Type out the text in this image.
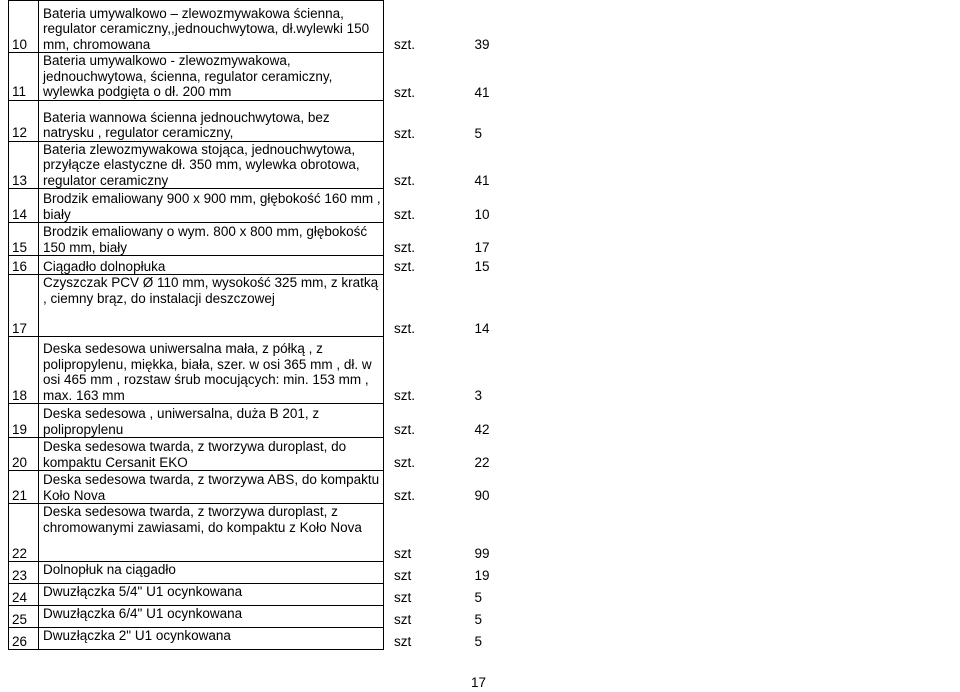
10	Bateria umywalkowo – zlewozmywakowa ścienna, regulator ceramiczny,,jednouchwytowa, dł.wylewki 150 mm, chromowana	szt.	39
11	Bateria umywalkowo - zlewozmywakowa, jednouchwytowa, ścienna, regulator ceramiczny, wylewka podgięta o dł. 200 mm	szt.	41
12	Bateria wannowa ścienna jednouchwytowa, bez natrysku , regulator ceramiczny,	szt.	5
13	Bateria zlewozmywakowa stojąca, jednouchwytowa, przyłącze elastyczne dł. 350 mm, wylewka obrotowa, regulator ceramiczny	szt.	41
14	Brodzik emaliowany 900 x 900 mm, głębokość 160 mm , biały	szt.	10
15	Brodzik emaliowany o wym. 800 x 800 mm, głębokość 150 mm, biały	szt.	17
16	Ciągadło dolnopłuka	szt.	15
17	Czyszczak PCV Ø 110 mm, wysokość 325 mm, z kratką , ciemny brąz, do instalacji deszczowej	szt.	14
18	Deska sedesowa uniwersalna mała, z półką , z polipropylenu, miękka, biała, szer. w osi 365 mm , dł. w osi 465 mm , rozstaw śrub mocujących: min. 153 mm , max. 163 mm	szt.	3
19	Deska sedesowa , uniwersalna, duża B 201, z polipropylenu	szt.	42
20	Deska sedesowa twarda, z tworzywa duroplast, do kompaktu Cersanit EKO	szt.	22
21	Deska sedesowa twarda, z tworzywa ABS, do kompaktu Koło Nova	szt.	90
22	Deska sedesowa twarda, z tworzywa duroplast, z chromowanymi zawiasami, do kompaktu z Koło Nova	szt	99
23	Dolnopłuk na ciągadło	szt	19
24	Dwuzłączka 5/4" U1 ocynkowana	szt	5
25	Dwuzłączka 6/4" U1 ocynkowana	szt	5
26	Dwuzłączka 2" U1 ocynkowana	szt	5
17
